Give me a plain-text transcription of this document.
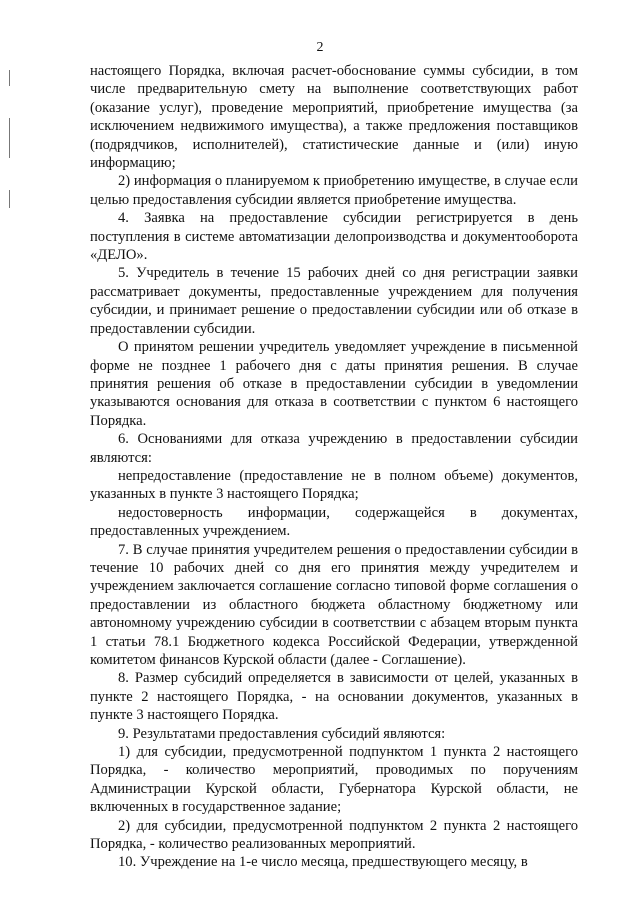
2

настоящего Порядка, включая расчет-обоснование суммы субсидии, в том числе предварительную смету на выполнение соответствующих работ (оказание услуг), проведение мероприятий, приобретение имущества (за исключением недвижимого имущества), а также предложения поставщиков (подрядчиков, исполнителей), статистические данные и (или) иную информацию;

2) информация о планируемом к приобретению имуществе, в случае если целью предоставления субсидии является приобретение имущества.

4. Заявка на предоставление субсидии регистрируется в день поступления в системе автоматизации делопроизводства и документооборота «ДЕЛО».

5. Учредитель в течение 15 рабочих дней со дня регистрации заявки рассматривает документы, предоставленные учреждением для получения субсидии, и принимает решение о предоставлении субсидии или об отказе в предоставлении субсидии.

О принятом решении учредитель уведомляет учреждение в письменной форме не позднее 1 рабочего дня с даты принятия решения. В случае принятия решения об отказе в предоставлении субсидии в уведомлении указываются основания для отказа в соответствии с пунктом 6 настоящего Порядка.

6. Основаниями для отказа учреждению в предоставлении субсидии являются:

непредоставление (предоставление не в полном объеме) документов, указанных в пункте 3 настоящего Порядка;

недостоверность информации, содержащейся в документах, предоставленных учреждением.

7. В случае принятия учредителем решения о предоставлении субсидии в течение 10 рабочих дней со дня его принятия между учредителем и учреждением заключается соглашение согласно типовой форме соглашения о предоставлении из областного бюджета областному бюджетному или автономному учреждению субсидии в соответствии с абзацем вторым пункта 1 статьи 78.1 Бюджетного кодекса Российской Федерации, утвержденной комитетом финансов Курской области (далее - Соглашение).

8. Размер субсидий определяется в зависимости от целей, указанных в пункте 2 настоящего Порядка, - на основании документов, указанных в пункте 3 настоящего Порядка.

9. Результатами предоставления субсидий являются:

1) для субсидии, предусмотренной подпунктом 1 пункта 2 настоящего Порядка, - количество мероприятий, проводимых по поручениям Администрации Курской области, Губернатора Курской области, не включенных в государственное задание;

2) для субсидии, предусмотренной подпунктом 2 пункта 2 настоящего Порядка, - количество реализованных мероприятий.

10. Учреждение на 1-е число месяца, предшествующего месяцу, в
